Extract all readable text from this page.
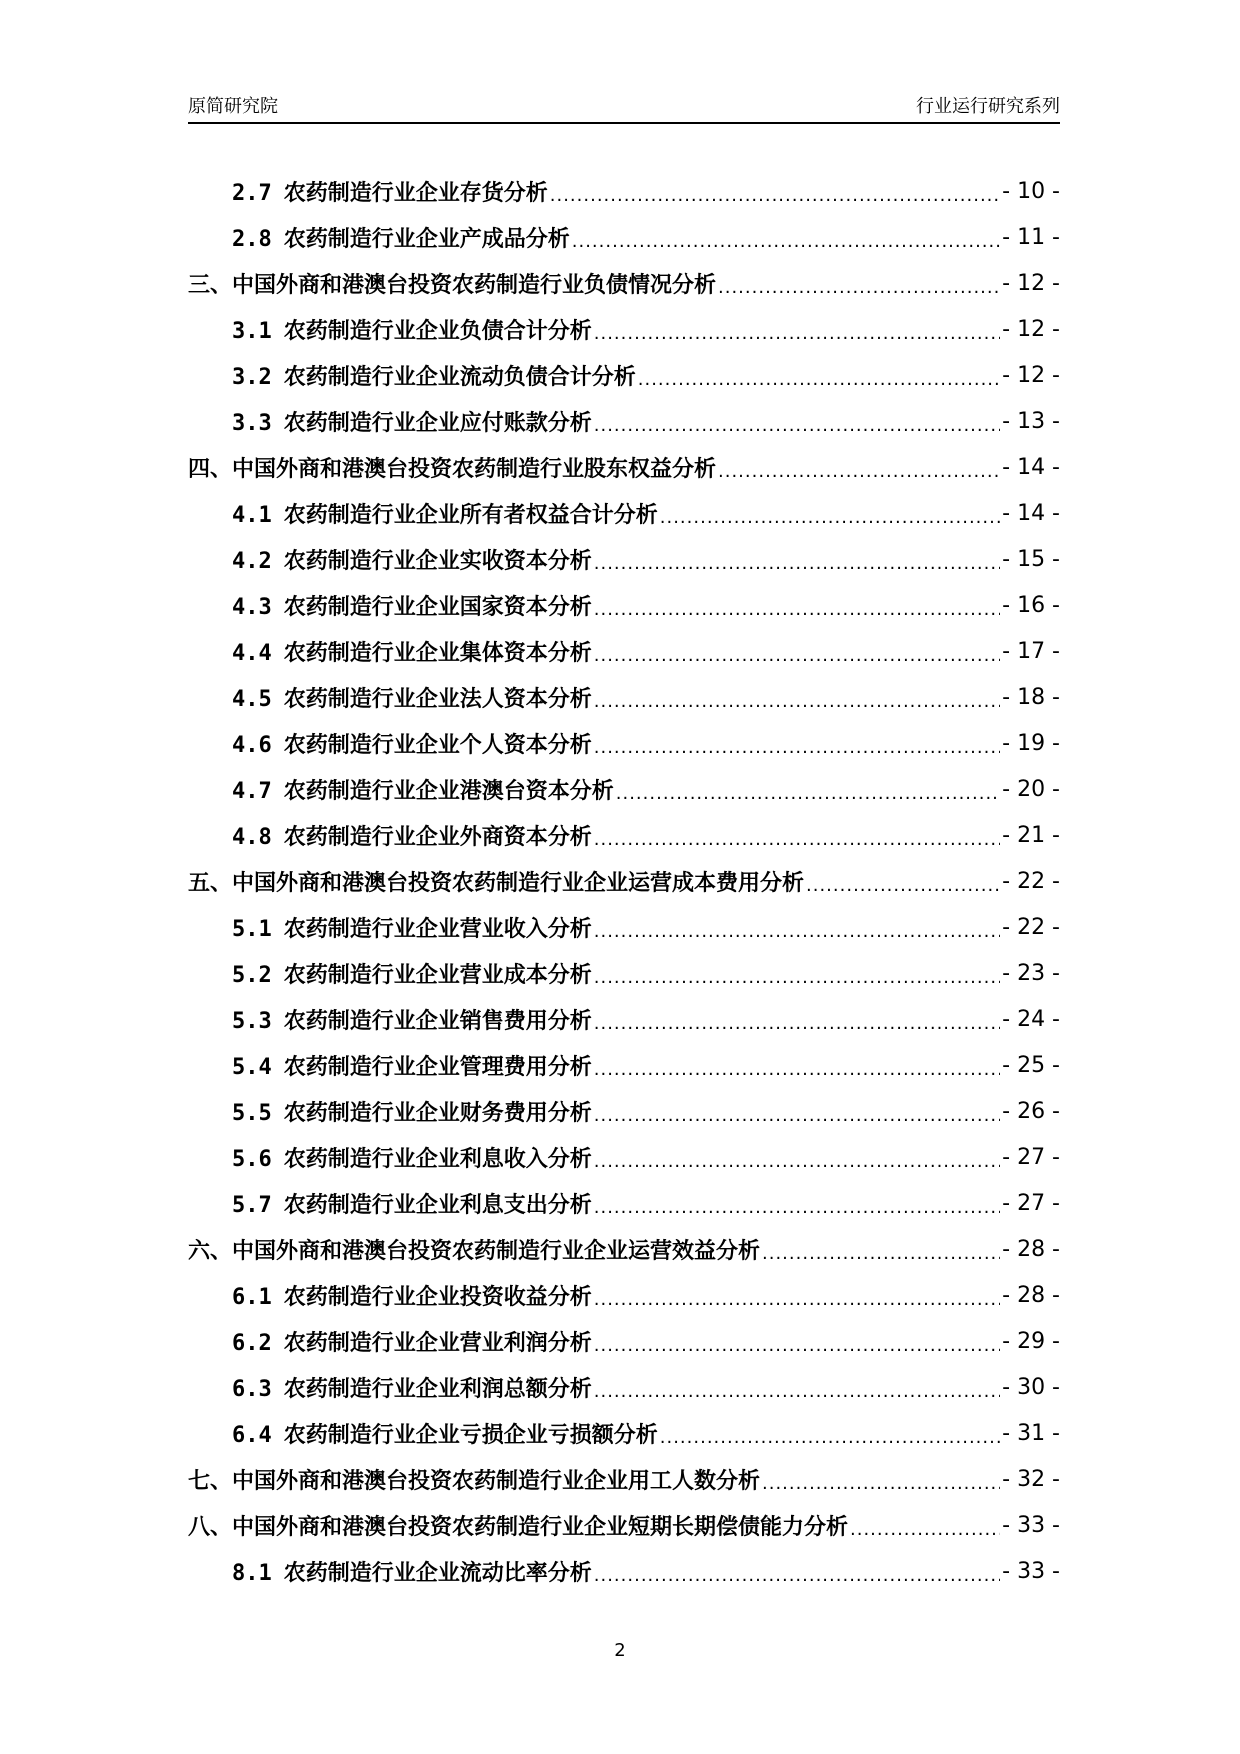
原简研究院	行业运行研究系列
2.7 农药制造行业企业存货分析 .....	- 10 -
2.8 农药制造行业企业产成品分析 .....	- 11 -
三、中国外商和港澳台投资农药制造行业负债情况分析 .....	- 12 -
3.1 农药制造行业企业负债合计分析 .....	- 12 -
3.2 农药制造行业企业流动负债合计分析 .....	- 12 -
3.3 农药制造行业企业应付账款分析 .....	- 13 -
四、中国外商和港澳台投资农药制造行业股东权益分析 .....	- 14 -
4.1 农药制造行业企业所有者权益合计分析 .....	- 14 -
4.2 农药制造行业企业实收资本分析 .....	- 15 -
4.3 农药制造行业企业国家资本分析 .....	- 16 -
4.4 农药制造行业企业集体资本分析 .....	- 17 -
4.5 农药制造行业企业法人资本分析 .....	- 18 -
4.6 农药制造行业企业个人资本分析 .....	- 19 -
4.7 农药制造行业企业港澳台资本分析 .....	- 20 -
4.8 农药制造行业企业外商资本分析 .....	- 21 -
五、中国外商和港澳台投资农药制造行业企业运营成本费用分析 .....	- 22 -
5.1 农药制造行业企业营业收入分析 .....	- 22 -
5.2 农药制造行业企业营业成本分析 .....	- 23 -
5.3 农药制造行业企业销售费用分析 .....	- 24 -
5.4 农药制造行业企业管理费用分析 .....	- 25 -
5.5 农药制造行业企业财务费用分析 .....	- 26 -
5.6 农药制造行业企业利息收入分析 .....	- 27 -
5.7 农药制造行业企业利息支出分析 .....	- 27 -
六、中国外商和港澳台投资农药制造行业企业运营效益分析 .....	- 28 -
6.1 农药制造行业企业投资收益分析 .....	- 28 -
6.2 农药制造行业企业营业利润分析 .....	- 29 -
6.3 农药制造行业企业利润总额分析 .....	- 30 -
6.4 农药制造行业企业亏损企业亏损额分析 .....	- 31 -
七、中国外商和港澳台投资农药制造行业企业用工人数分析 .....	- 32 -
八、中国外商和港澳台投资农药制造行业企业短期长期偿债能力分析 .....	- 33 -
8.1 农药制造行业企业流动比率分析 .....	- 33 -
2
